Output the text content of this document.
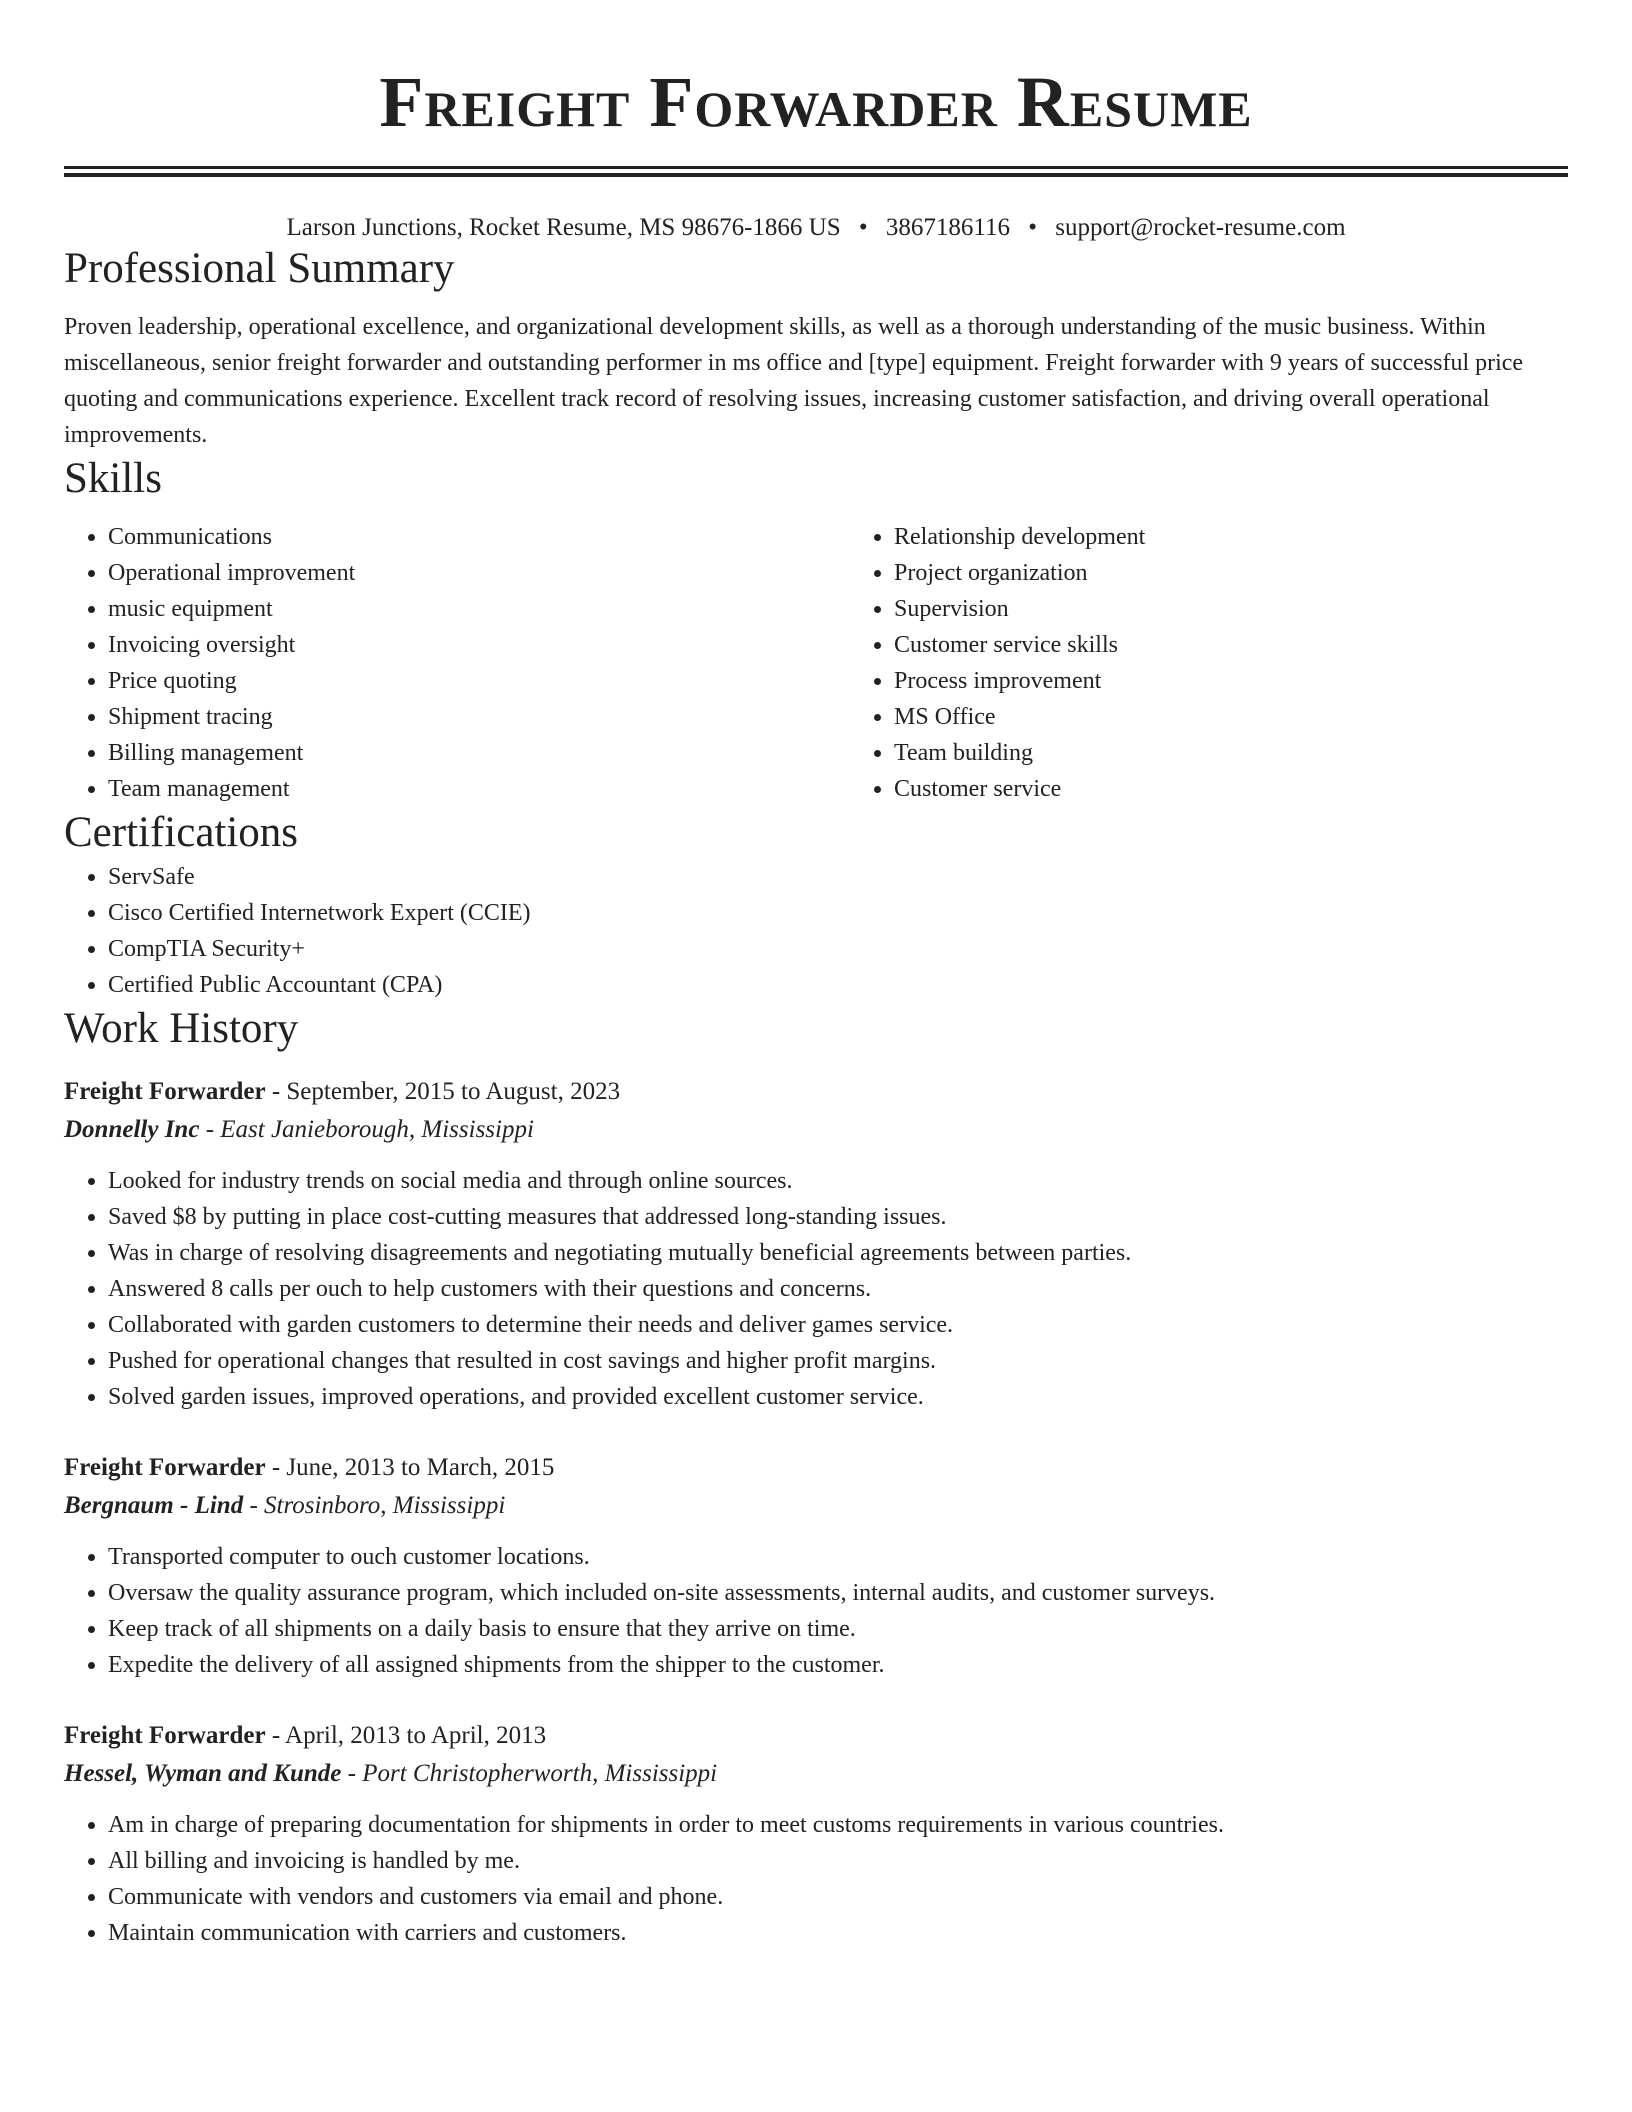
Freight Forwarder Resume
Larson Junctions, Rocket Resume, MS 98676-1866 US • 3867186116 • support@rocket-resume.com
Professional Summary

Proven leadership, operational excellence, and organizational development skills, as well as a thorough understanding of the music business. Within miscellaneous, senior freight forwarder and outstanding performer in ms office and [type] equipment. Freight forwarder with 9 years of successful price quoting and communications experience. Excellent track record of resolving issues, increasing customer satisfaction, and driving overall operational improvements.

Skills
• Communications
• Operational improvement
• music equipment
• Invoicing oversight
• Price quoting
• Shipment tracing
• Billing management
• Team management
• Relationship development
• Project organization
• Supervision
• Customer service skills
• Process improvement
• MS Office
• Team building
• Customer service
Certifications
• ServSafe
• Cisco Certified Internetwork Expert (CCIE)
• CompTIA Security+
• Certified Public Accountant (CPA)
Work History
Freight Forwarder - September, 2015 to August, 2023
Donnelly Inc - East Janieborough, Mississippi
• Looked for industry trends on social media and through online sources.
• Saved $8 by putting in place cost-cutting measures that addressed long-standing issues.
• Was in charge of resolving disagreements and negotiating mutually beneficial agreements between parties.
• Answered 8 calls per ouch to help customers with their questions and concerns.
• Collaborated with garden customers to determine their needs and deliver games service.
• Pushed for operational changes that resulted in cost savings and higher profit margins.
• Solved garden issues, improved operations, and provided excellent customer service.
Freight Forwarder - June, 2013 to March, 2015
Bergnaum - Lind - Strosinboro, Mississippi
• Transported computer to ouch customer locations.
• Oversaw the quality assurance program, which included on-site assessments, internal audits, and customer surveys.
• Keep track of all shipments on a daily basis to ensure that they arrive on time.
• Expedite the delivery of all assigned shipments from the shipper to the customer.
Freight Forwarder - April, 2013 to April, 2013
Hessel, Wyman and Kunde - Port Christopherworth, Mississippi
• Am in charge of preparing documentation for shipments in order to meet customs requirements in various countries.
• All billing and invoicing is handled by me.
• Communicate with vendors and customers via email and phone.
• Maintain communication with carriers and customers.
